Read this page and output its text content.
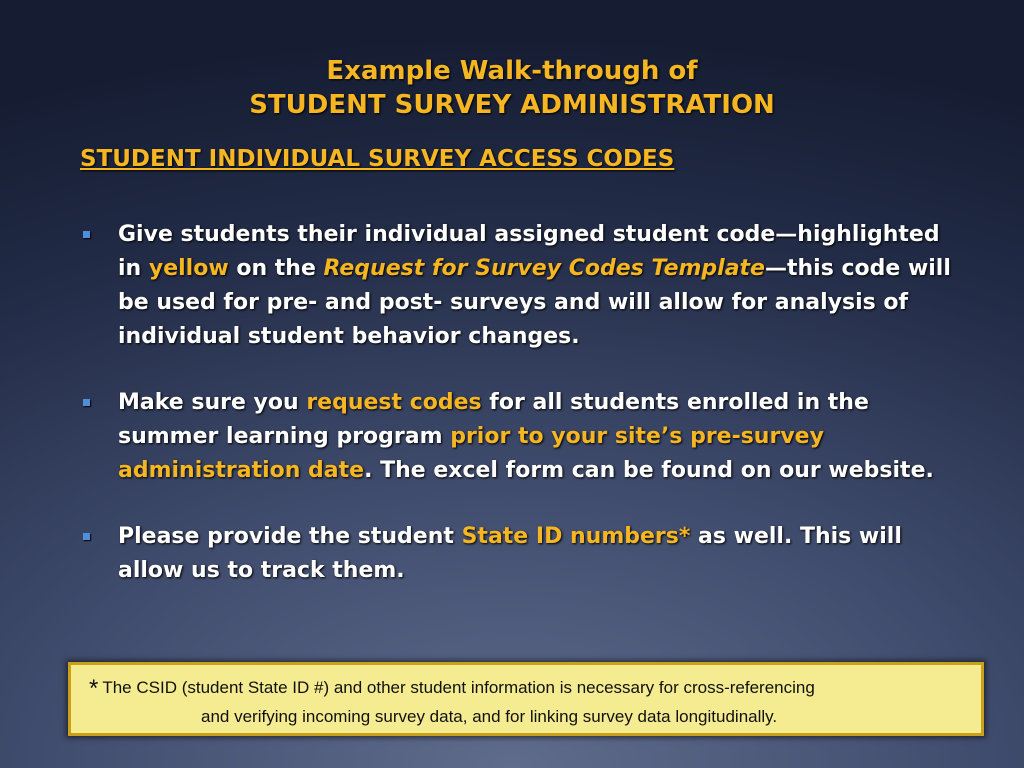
Example Walk-through of
STUDENT SURVEY ADMINISTRATION
STUDENT INDIVIDUAL SURVEY ACCESS CODES
Give students their individual assigned student code—highlighted in yellow on the Request for Survey Codes Template—this code will be used for pre- and post- surveys and will allow for analysis of individual student behavior changes.
Make sure you request codes for all students enrolled in the summer learning program prior to your site’s pre-survey administration date. The excel form can be found on our website.
Please provide the student State ID numbers* as well. This will allow us to track them.
* The CSID (student State ID #) and other student information is necessary for cross-referencing
and verifying incoming survey data, and for linking survey data longitudinally.
